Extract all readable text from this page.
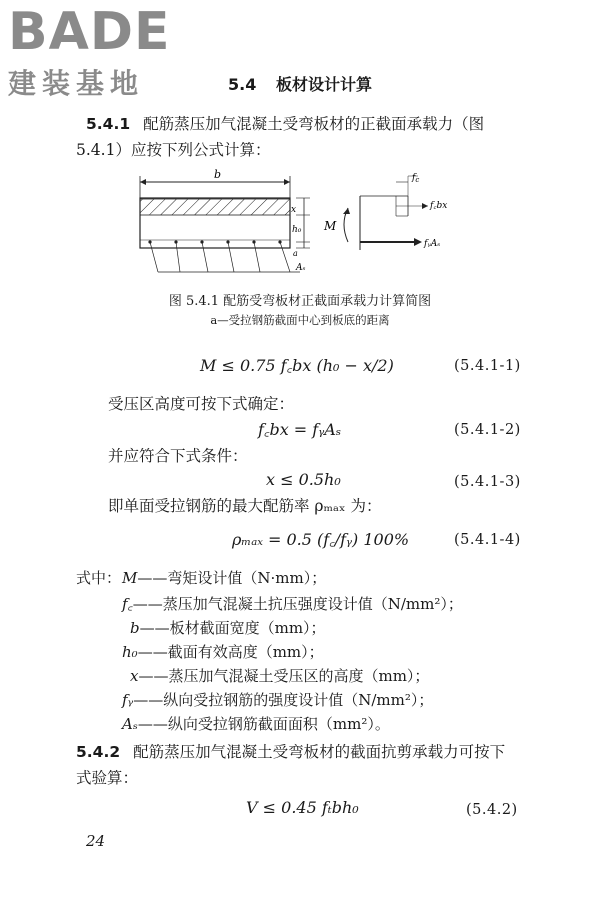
BADE
建装基地	5.4 板材设计计算
5.4.1 配筋蒸压加气混凝土受弯板材的正截面承载力（图
5.4.1）应按下列公式计算：
b
x
h₀
a
Aₛ
M
$f_c$
f꜀bx
fᵧAₛ
图 5.4.1 配筋受弯板材正截面承载力计算简图
a—受拉钢筋截面中心到板底的距离
M ≤ 0.75 f꜀bx (h₀ − x/2)	(5.4.1-1)
受压区高度可按下式确定：
f꜀bx = fᵧAₛ	(5.4.1-2)
并应符合下式条件：
x ≤ 0.5h₀	(5.4.1-3)
即单面受拉钢筋的最大配筋率 ρₘₐₓ 为：
ρₘₐₓ = 0.5 (f꜀/fᵧ) 100%	(5.4.1-4)
式中： M——弯矩设计值（N·mm）；
f꜀——蒸压加气混凝土抗压强度设计值（N/mm²）；
b——板材截面宽度（mm）；
h₀——截面有效高度（mm）；
x——蒸压加气混凝土受压区的高度（mm）；
fᵧ——纵向受拉钢筋的强度设计值（N/mm²）；
Aₛ——纵向受拉钢筋截面面积（mm²）。
5.4.2 配筋蒸压加气混凝土受弯板材的截面抗剪承载力可按下
式验算：
V ≤ 0.45 fₜbh₀	(5.4.2)
24
